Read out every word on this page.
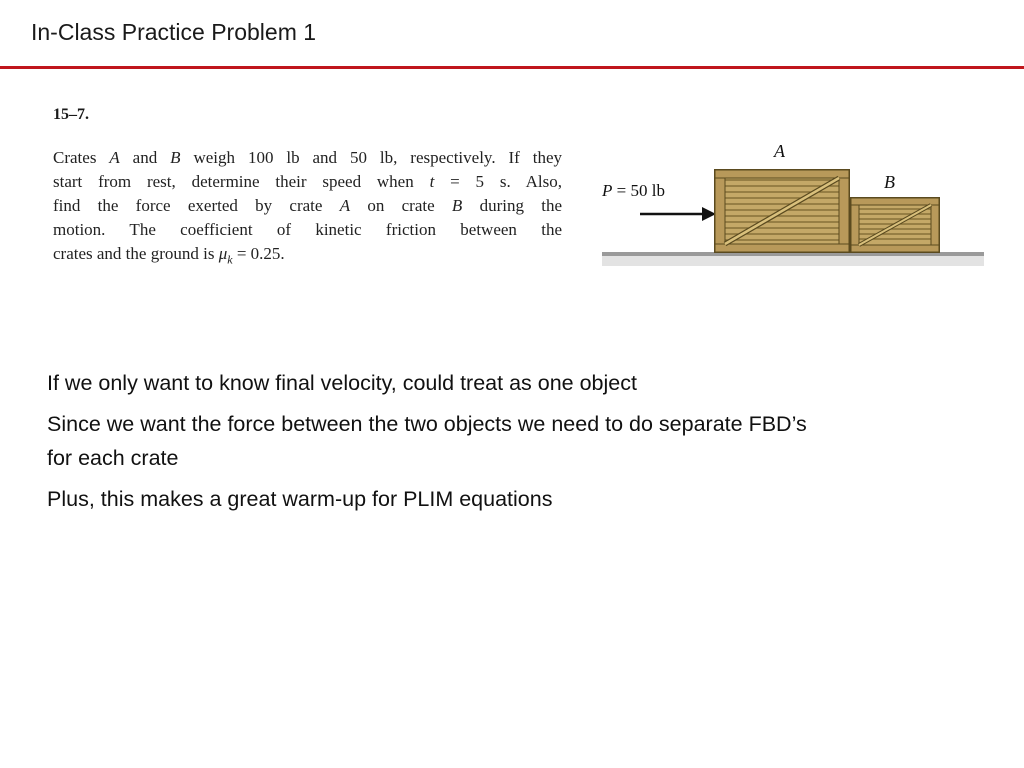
In-Class Practice Problem 1
15–7.
Crates A and B weigh 100 lb and 50 lb, respectively. If they
start from rest, determine their speed when t = 5 s. Also,
find the force exerted by crate A on crate B during the
motion. The coefficient of kinetic friction between the
crates and the ground is $\mu_k = 0.25$.
P = 50 lb
A
B

If we only want to know final velocity, could treat as one object

Since we want the force between the two objects we need to do separate FBD’s for each crate

Plus, this makes a great warm-up for PLIM equations
